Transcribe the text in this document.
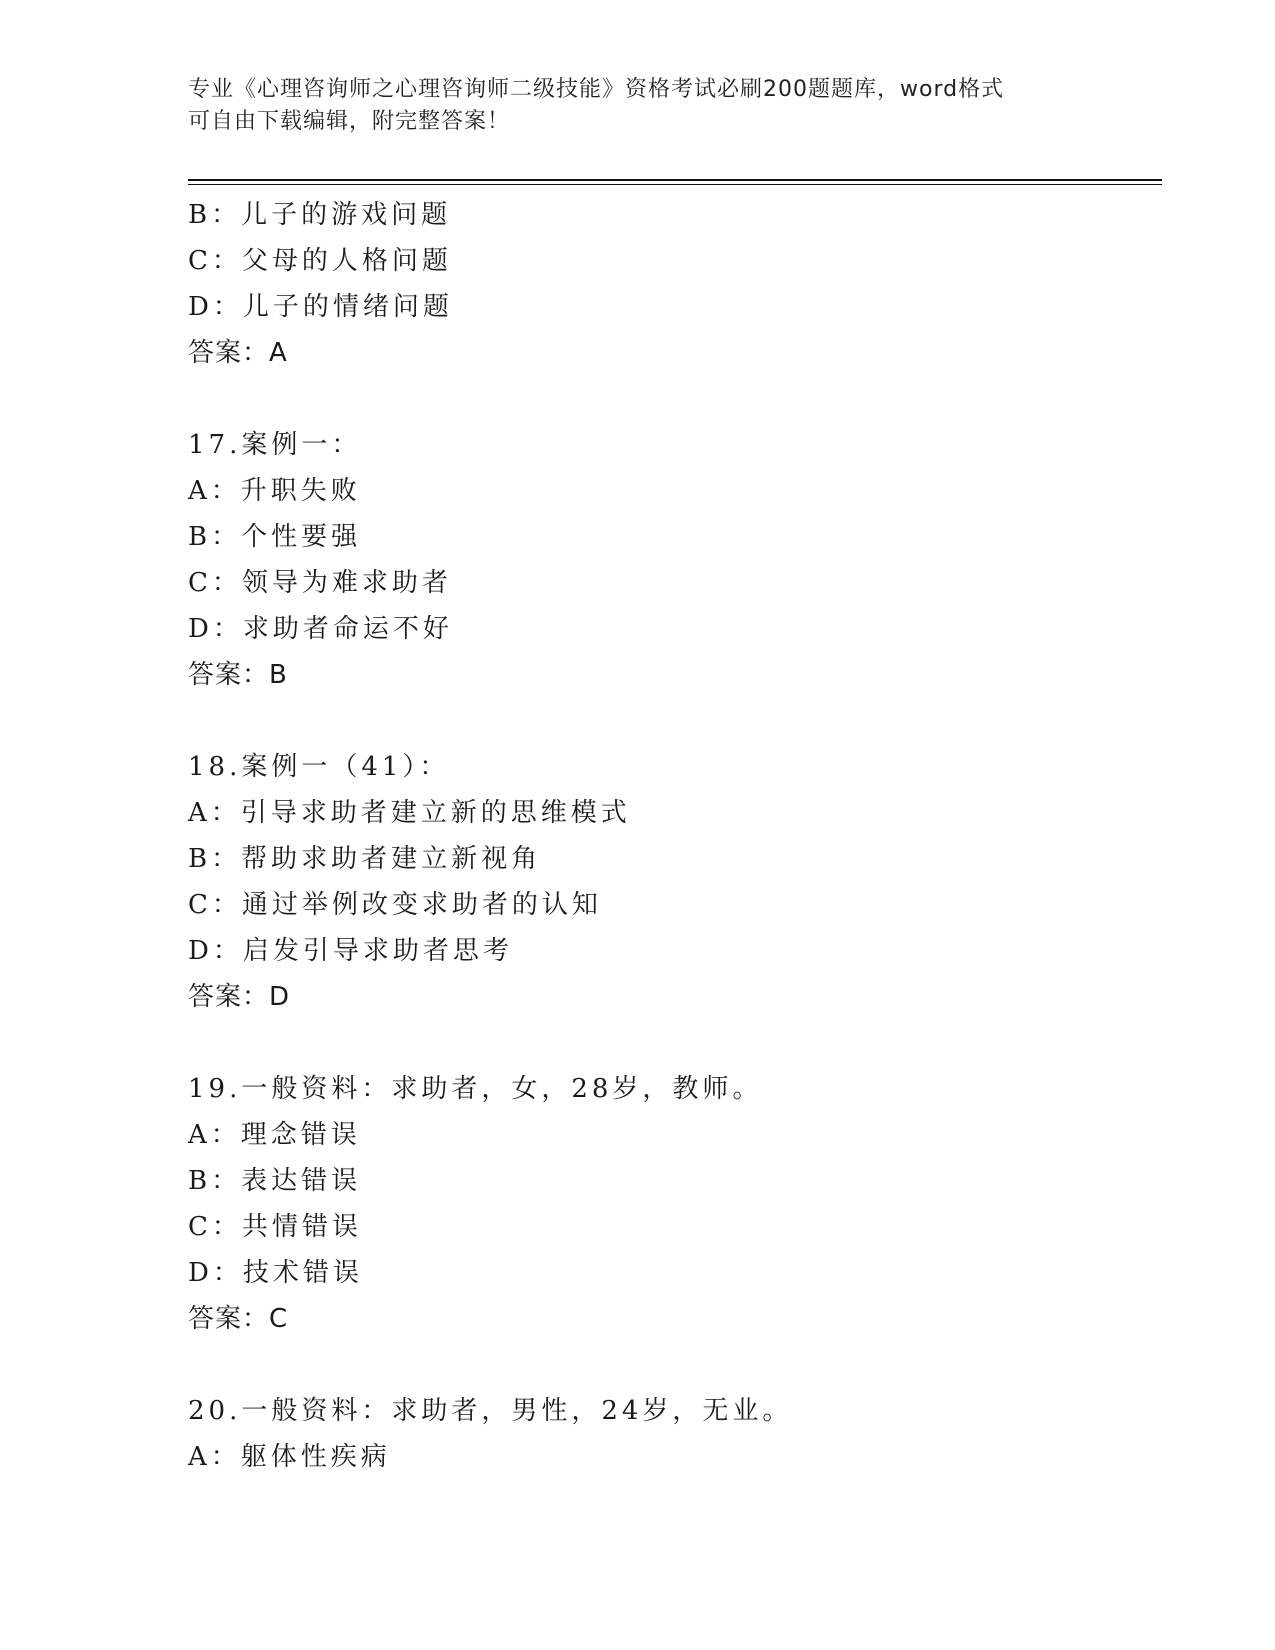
专业《心理咨询师之心理咨询师二级技能》资格考试必刷200题题库，word格式
可自由下载编辑，附完整答案！
B：儿子的游戏问题
C：父母的人格问题
D：儿子的情绪问题
答案：A
17.案例一：
A：升职失败
B：个性要强
C：领导为难求助者
D：求助者命运不好
答案：B
18.案例一（41）：
A：引导求助者建立新的思维模式
B：帮助求助者建立新视角
C：通过举例改变求助者的认知
D：启发引导求助者思考
答案：D
19.一般资料：求助者，女，28岁，教师。
A：理念错误
B：表达错误
C：共情错误
D：技术错误
答案：C
20.一般资料：求助者，男性，24岁，无业。
A：躯体性疾病
